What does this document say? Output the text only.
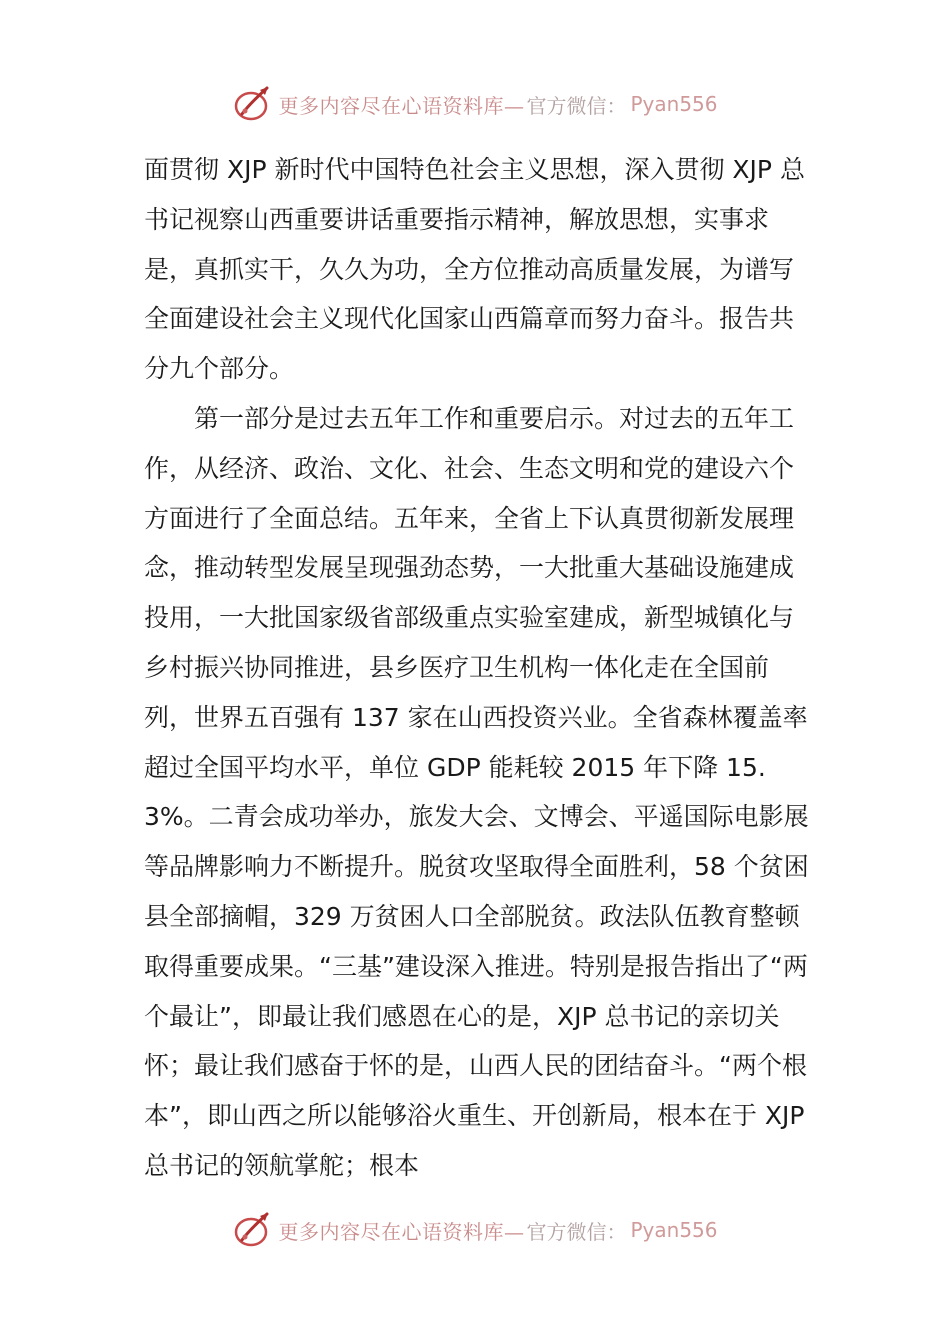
更多内容尽在心语资料库— 官方微信： Pyan556

面贯彻 XJP 新时代中国特色社会主义思想，深入贯彻 XJP 总书记视察山西重要讲话重要指示精神，解放思想，实事求是，真抓实干，久久为功，全方位推动高质量发展，为谱写全面建设社会主义现代化国家山西篇章而努力奋斗。报告共分九个部分。

第一部分是过去五年工作和重要启示。对过去的五年工作，从经济、政治、文化、社会、生态文明和党的建设六个方面进行了全面总结。五年来，全省上下认真贯彻新发展理念，推动转型发展呈现强劲态势，一大批重大基础设施建成投用，一大批国家级省部级重点实验室建成，新型城镇化与乡村振兴协同推进，县乡医疗卫生机构一体化走在全国前列，世界五百强有 137 家在山西投资兴业。全省森林覆盖率超过全国平均水平，单位 GDP 能耗较 2015 年下降 15.3%。二青会成功举办，旅发大会、文博会、平遥国际电影展等品牌影响力不断提升。脱贫攻坚取得全面胜利，58 个贫困县全部摘帽，329 万贫困人口全部脱贫。政法队伍教育整顿取得重要成果。“三基”建设深入推进。特别是报告指出了“两个最让”，即最让我们感恩在心的是，XJP 总书记的亲切关怀；最让我们感奋于怀的是，山西人民的团结奋斗。“两个根本”，即山西之所以能够浴火重生、开创新局，根本在于 XJP 总书记的领航掌舵；根本

更多内容尽在心语资料库— 官方微信： Pyan556
